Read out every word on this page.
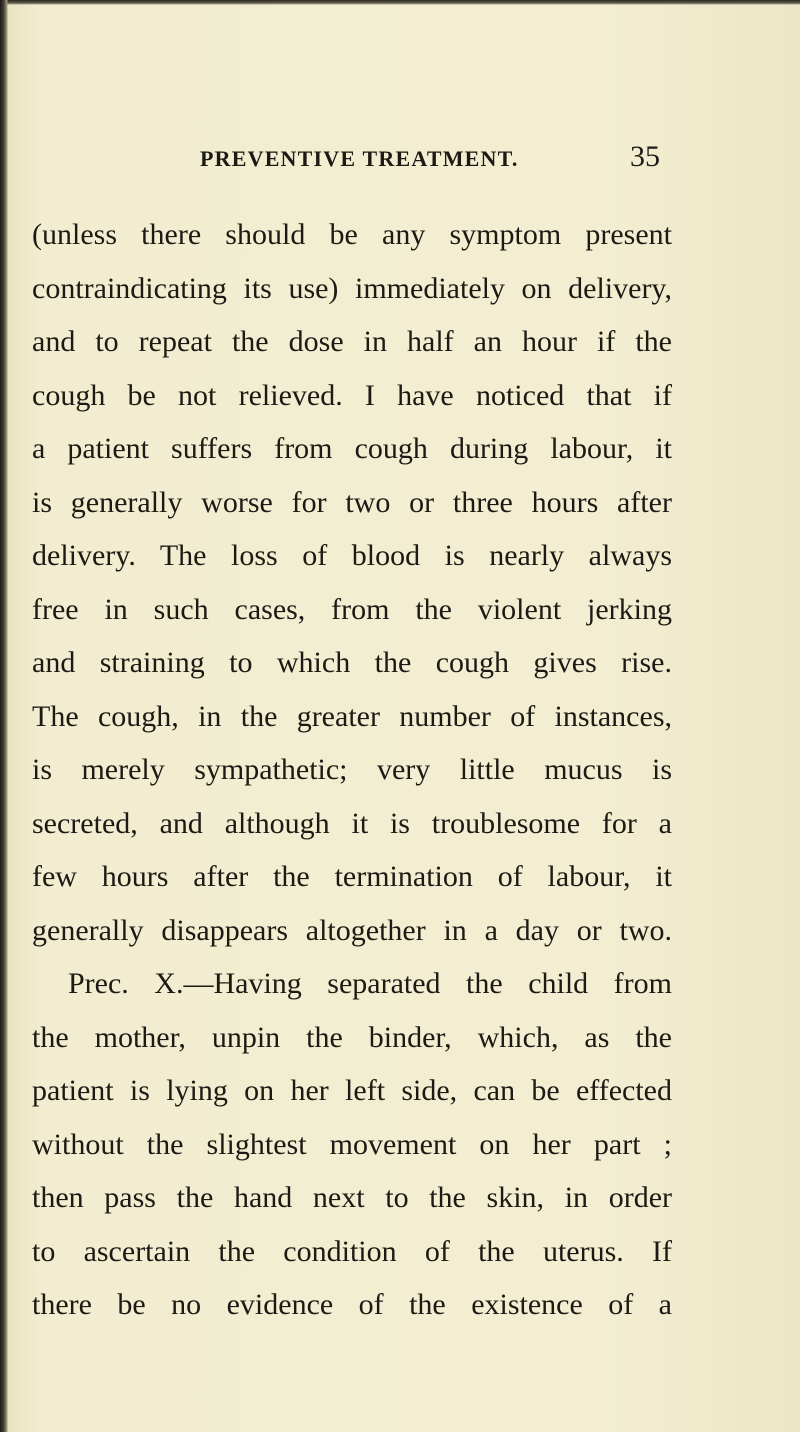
PREVENTIVE TREATMENT.	35
(unless there should be any symptom present
contraindicating its use) immediately on delivery,
and to repeat the dose in half an hour if the
cough be not relieved. I have noticed that if
a patient suffers from cough during labour, it
is generally worse for two or three hours after
delivery. The loss of blood is nearly always
free in such cases, from the violent jerking
and straining to which the cough gives rise.
The cough, in the greater number of instances,
is merely sympathetic; very little mucus is
secreted, and although it is troublesome for a
few hours after the termination of labour, it
generally disappears altogether in a day or two.
Prec. X.—Having separated the child from
the mother, unpin the binder, which, as the
patient is lying on her left side, can be effected
without the slightest movement on her part ;
then pass the hand next to the skin, in order
to ascertain the condition of the uterus. If
there be no evidence of the existence of a
